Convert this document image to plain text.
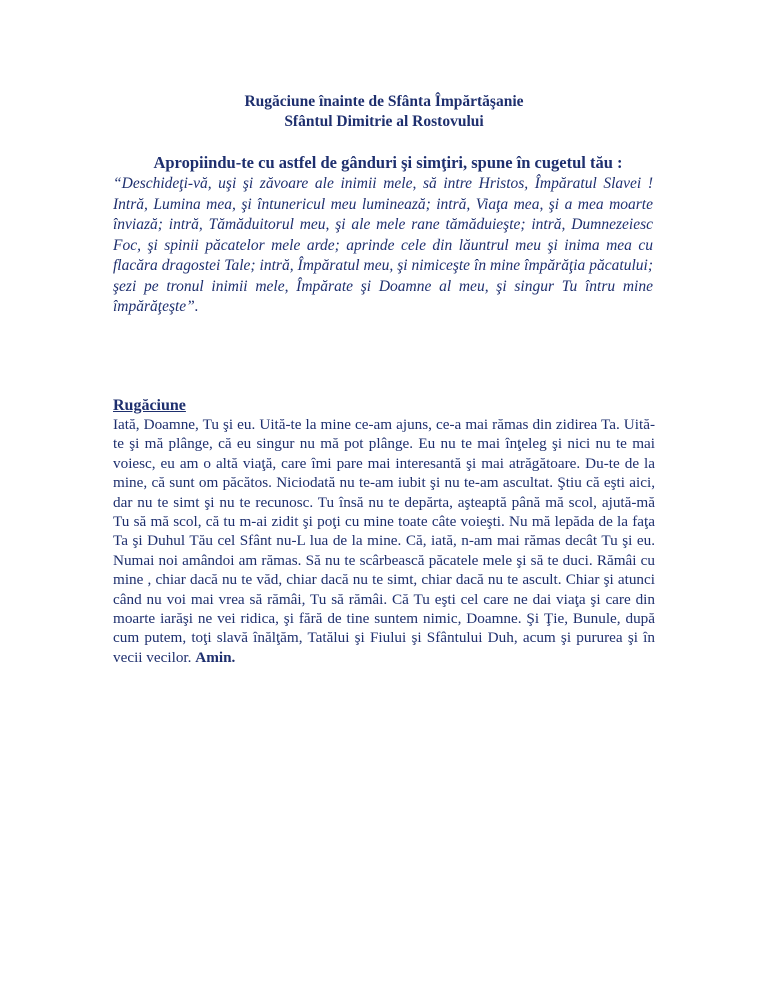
Rugăciune înainte de Sfânta Împărtăşanie
Sfântul Dimitrie al Rostovului
Apropiindu-te cu astfel de gânduri şi simţiri, spune în cugetul tău :
“Deschideţi-vă, uşi şi zăvoare ale inimii mele, să intre Hristos, Împăratul Slavei ! Intră, Lumina mea, şi întunericul meu luminează; intră, Viaţa mea, şi a mea moarte înviază; intră, Tămăduitorul meu, şi ale mele rane tămăduieşte; intră, Dumnezeiesc Foc, şi spinii păcatelor mele arde; aprinde cele din lăuntrul meu şi inima mea cu flacăra dragostei Tale; intră, Împăratul meu, şi nimiceşte în mine împărăţia păcatului; şezi pe tronul inimii mele, Împărate şi Doamne al meu, şi singur Tu întru mine împărăţeşte”.
Rugăciune
Iată, Doamne, Tu şi eu. Uită-te la mine ce-am ajuns, ce-a mai rămas din zidirea Ta. Uită-te şi mă plânge, că eu singur nu mă pot plânge. Eu nu te mai înţeleg şi nici nu te mai voiesc, eu am o altă viaţă, care îmi pare mai interesantă şi mai atrăgătoare. Du-te de la mine, că sunt om păcătos. Niciodată nu te-am iubit şi nu te-am ascultat. Ştiu că eşti aici, dar nu te simt şi nu te recunosc. Tu însă nu te depărta, aşteaptă până mă scol, ajută-mă Tu să mă scol, că tu m-ai zidit şi poţi cu mine toate câte voieşti. Nu mă lepăda de la faţa Ta şi Duhul Tău cel Sfânt nu-L lua de la mine. Că, iată, n-am mai rămas decât Tu şi eu. Numai noi amândoi am rămas. Să nu te scârbească păcatele mele şi să te duci. Rămâi cu mine , chiar dacă nu te văd, chiar dacă nu te simt, chiar dacă nu te ascult. Chiar şi atunci când nu voi mai vrea să rămâi, Tu să rămâi. Că Tu eşti cel care ne dai viaţa şi care din moarte iarăşi ne vei ridica, şi fără de tine suntem nimic, Doamne. Şi Ţie, Bunule, după cum putem, toţi slavă înălţăm, Tatălui şi Fiului şi Sfântului Duh, acum şi pururea şi în vecii vecilor. Amin.
